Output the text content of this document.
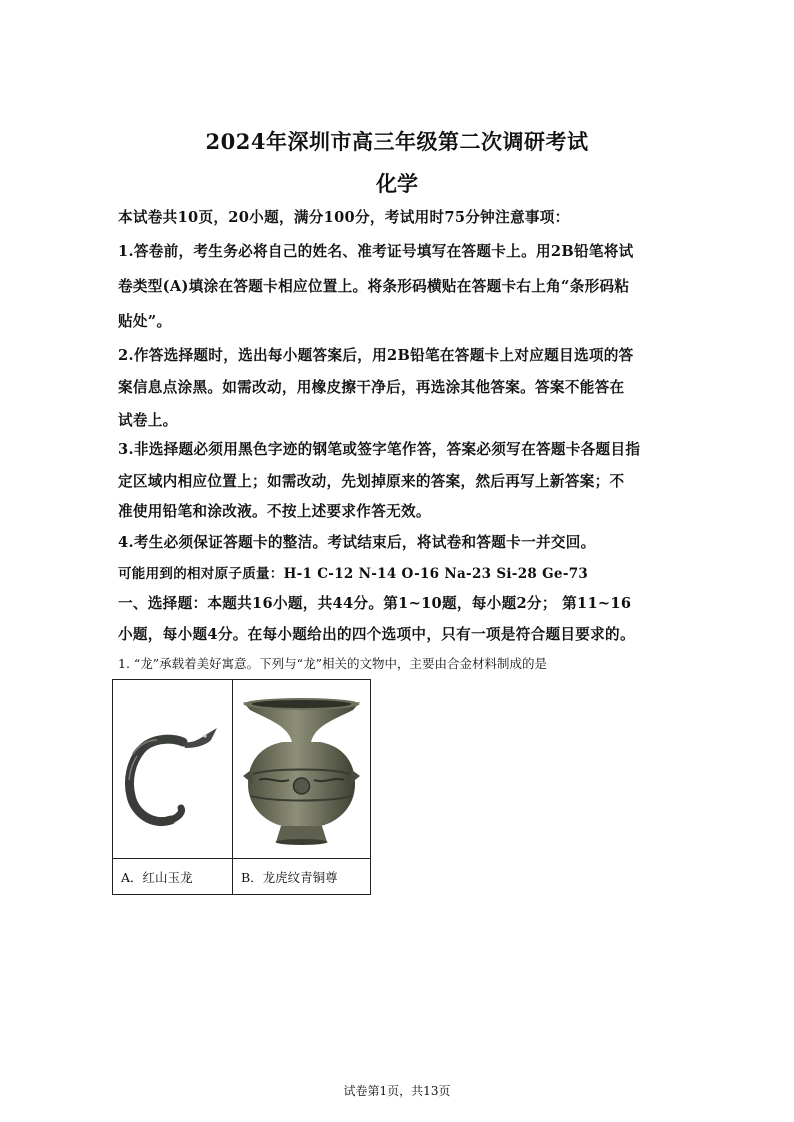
2024年深圳市高三年级第二次调研考试
化学
本试卷共10页，20小题，满分100分，考试用时75分钟注意事项：
1.答卷前，考生务必将自己的姓名、准考证号填写在答题卡上。用2B铅笔将试
卷类型(A)填涂在答题卡相应位置上。将条形码横贴在答题卡右上角“条形码粘
贴处”。
2.作答选择题时，选出每小题答案后，用2B铅笔在答题卡上对应题目选项的答
案信息点涂黑。如需改动，用橡皮擦干净后，再选涂其他答案。答案不能答在
试卷上。
3.非选择题必须用黑色字迹的钢笔或签字笔作答，答案必须写在答题卡各题目指
定区域内相应位置上；如需改动，先划掉原来的答案，然后再写上新答案；不
准使用铅笔和涂改液。不按上述要求作答无效。
4.考生必须保证答题卡的整洁。考试结束后，将试卷和答题卡一并交回。
可能用到的相对原子质量：H-1 C-12 N-14 O-16 Na-23 Si-28 Ge-73
一、选择题：本题共16小题，共44分。第1~10题，每小题2分； 第11~16
小题，每小题4分。在每小题给出的四个选项中，只有一项是符合题目要求的。
1. “龙”承载着美好寓意。下列与“龙”相关的文物中，主要由合金材料制成的是

A．红山玉龙	B．龙虎纹青铜尊
试卷第1页，共13页
